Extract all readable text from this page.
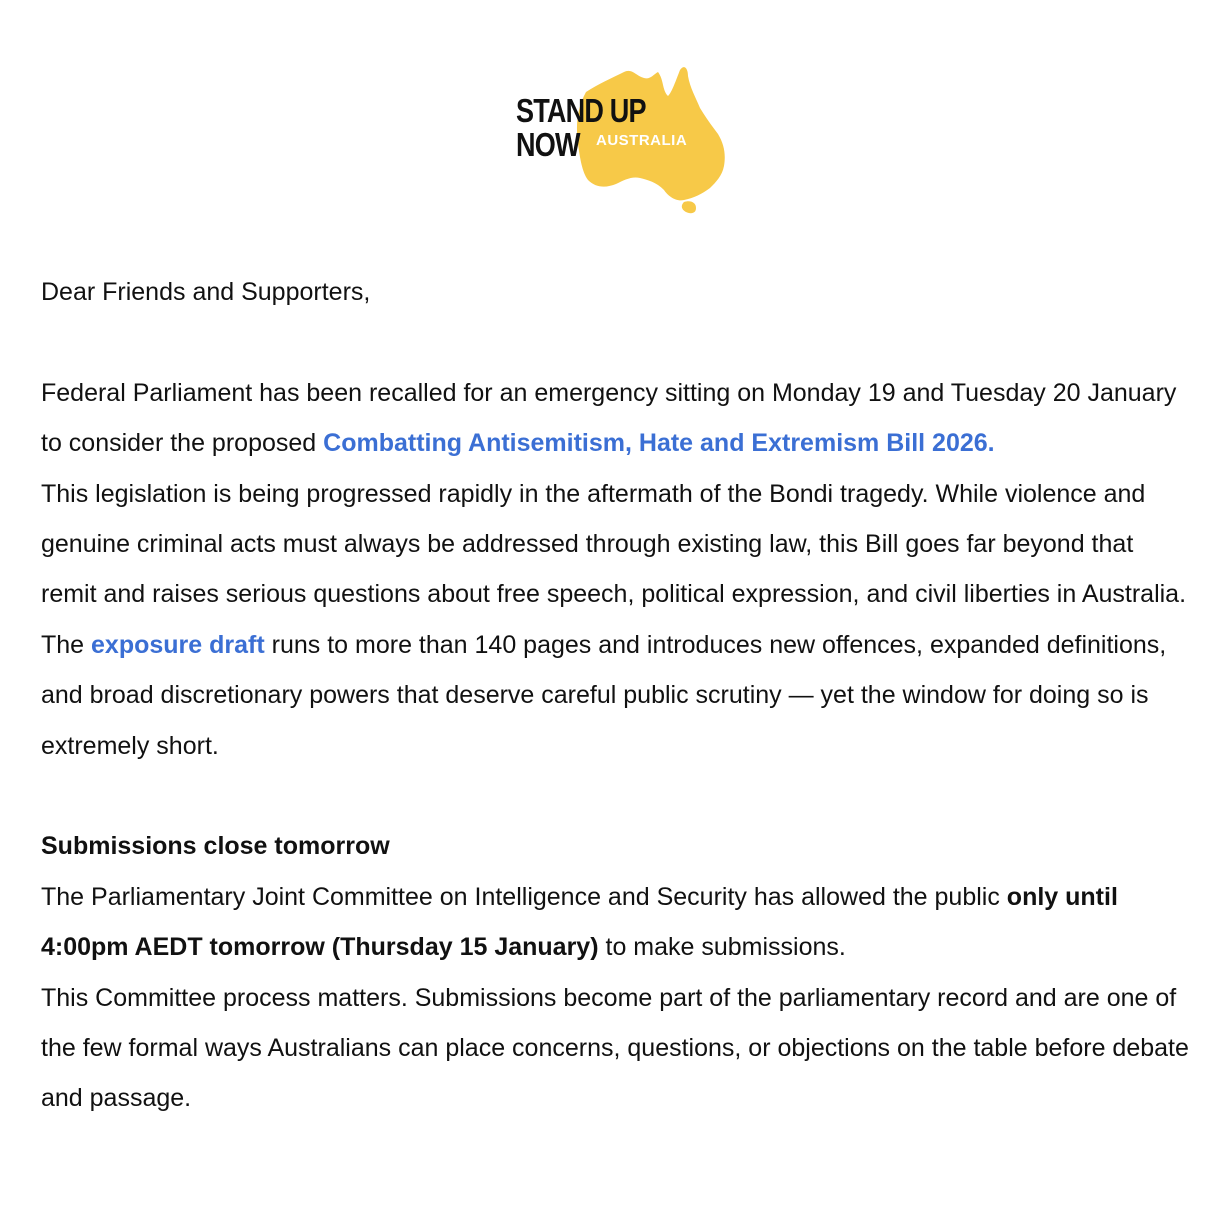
STAND UP
NOW AUSTRALIA

Dear Friends and Supporters,

Federal Parliament has been recalled for an emergency sitting on Monday 19 and Tuesday 20 January to consider the proposed Combatting Antisemitism, Hate and Extremism Bill 2026.

This legislation is being progressed rapidly in the aftermath of the Bondi tragedy. While violence and genuine criminal acts must always be addressed through existing law, this Bill goes far beyond that remit and raises serious questions about free speech, political expression, and civil liberties in Australia.

The exposure draft runs to more than 140 pages and introduces new offences, expanded definitions, and broad discretionary powers that deserve careful public scrutiny — yet the window for doing so is extremely short.

Submissions close tomorrow

The Parliamentary Joint Committee on Intelligence and Security has allowed the public only until 4:00pm AEDT tomorrow (Thursday 15 January) to make submissions.

This Committee process matters. Submissions become part of the parliamentary record and are one of the few formal ways Australians can place concerns, questions, or objections on the table before debate and passage.
